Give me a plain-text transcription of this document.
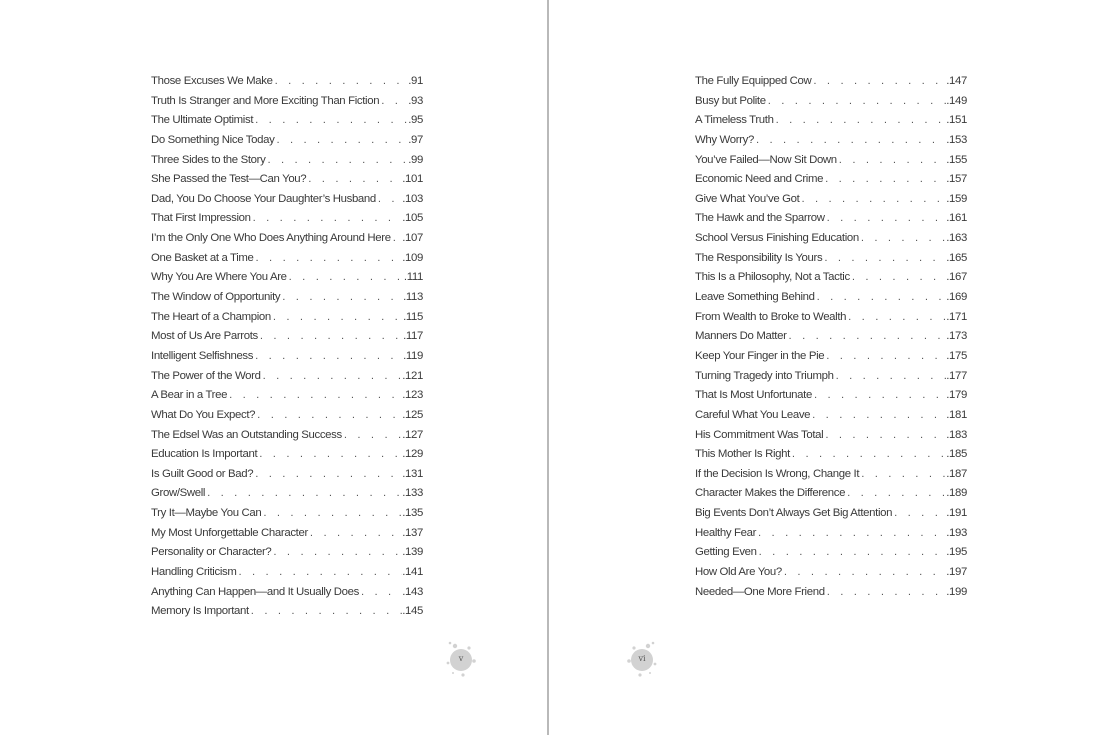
Those Excuses We Make . . .	.91
Truth Is Stranger and More Exciting Than Fiction . . .	.93
The Ultimate Optimist . . .	.95
Do Something Nice Today . . .	.97
Three Sides to the Story . . .	.99
She Passed the Test—Can You? . . .	.101
Dad, You Do Choose Your Daughter’s Husband . . . .103
That First Impression . . .	.105
I’m the Only One Who Does Anything Around Here . . . .107
One Basket at a Time . . .	.109
Why You Are Where You Are . . .	.111
The Window of Opportunity . . .	.113
The Heart of a Champion . . .	.115
Most of Us Are Parrots . . .	.117
Intelligent Selfishness . . .	.119
The Power of the Word . . .	.121
A Bear in a Tree . . .	.123
What Do You Expect? . . .	.125
The Edsel Was an Outstanding Success . . .	.127
Education Is Important . . .	.129
Is Guilt Good or Bad? . . .	.131
Grow/Swell . . .	.133
Try It—Maybe You Can . . .	.135
My Most Unforgettable Character . . .	.137
Personality or Character? . . .	.139
Handling Criticism . . .	.141
Anything Can Happen—and It Usually Does . . .	.143
Memory Is Important . . .	.145
v
The Fully Equipped Cow . . .	.147
Busy but Polite . . .	.149
A Timeless Truth . . .	.151
Why Worry? . . .	.153
You’ve Failed—Now Sit Down . . .	.155
Economic Need and Crime . . .	.157
Give What You’ve Got . . .	.159
The Hawk and the Sparrow . . .	.161
School Versus Finishing Education . . .	.163
The Responsibility Is Yours . . .	.165
This Is a Philosophy, Not a Tactic . . .	.167
Leave Something Behind . . .	.169
From Wealth to Broke to Wealth . . .	.171
Manners Do Matter . . .	.173
Keep Your Finger in the Pie . . .	.175
Turning Tragedy into Triumph . . .	.177
That Is Most Unfortunate . . .	.179
Careful What You Leave . . .	.181
His Commitment Was Total . . .	.183
This Mother Is Right . . .	.185
If the Decision Is Wrong, Change It . . .	.187
Character Makes the Difference . . .	.189
Big Events Don’t Always Get Big Attention . . .	.191
Healthy Fear . . .	.193
Getting Even . . .	.195
How Old Are You? . . .	.197
Needed—One More Friend . . .	.199
vi
